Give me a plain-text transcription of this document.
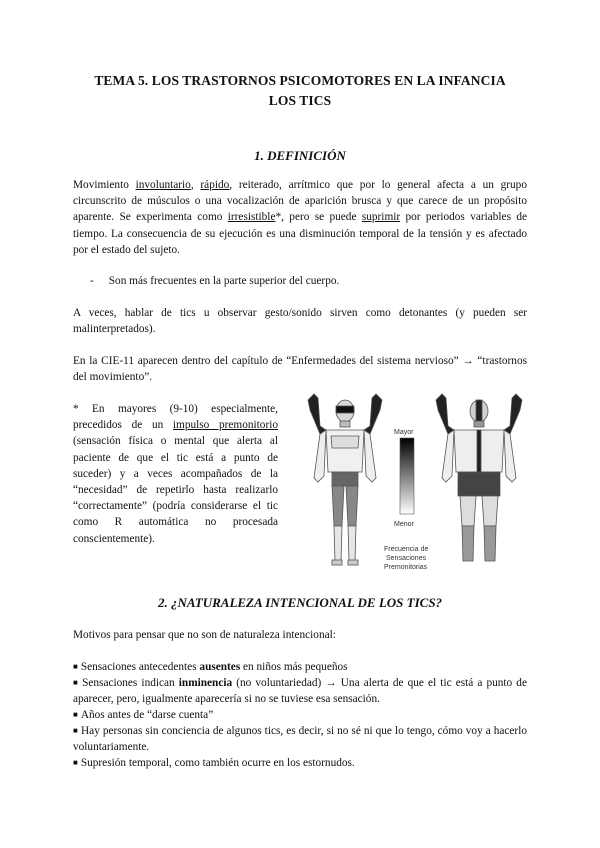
TEMA 5. LOS TRASTORNOS PSICOMOTORES EN LA INFANCIA
LOS TICS
1. DEFINICIÓN
Movimiento involuntario, rápido, reiterado, arrítmico que por lo general afecta a un grupo circunscrito de músculos o una vocalización de aparición brusca y que carece de un propósito aparente. Se experimenta como irresistible*, pero se puede suprimir por periodos variables de tiempo. La consecuencia de su ejecución es una disminución temporal de la tensión y es afectado por el estado del sujeto.
- Son más frecuentes en la parte superior del cuerpo.
A veces, hablar de tics u observar gesto/sonido sirven como detonantes (y pueden ser malinterpretados).
En la CIE-11 aparecen dentro del capítulo de “Enfermedades del sistema nervioso” → “trastornos del movimiento”.
* En mayores (9-10) especialmente, precedidos de un impulso premonitorio (sensación física o mental que alerta al paciente de que el tic está a punto de suceder) y a veces acompañados de la “necesidad” de repetirlo hasta realizarlo “correctamente” (podría considerarse el tic como R automática no procesada conscientemente).
Mayor
Menor
Frecuencia de
Sensaciones
Premonitorias
2. ¿NATURALEZA INTENCIONAL DE LOS TICS?
Motivos para pensar que no son de naturaleza intencional:
■ Sensaciones antecedentes ausentes en niños más pequeños
■ Sensaciones indican inminencia (no voluntariedad) → Una alerta de que el tic está a punto de aparecer, pero, igualmente aparecería si no se tuviese esa sensación.
■ Años antes de “darse cuenta”
■ Hay personas sin conciencia de algunos tics, es decir, si no sé ni que lo tengo, cómo voy a hacerlo voluntariamente.
■ Supresión temporal, como también ocurre en los estornudos.
